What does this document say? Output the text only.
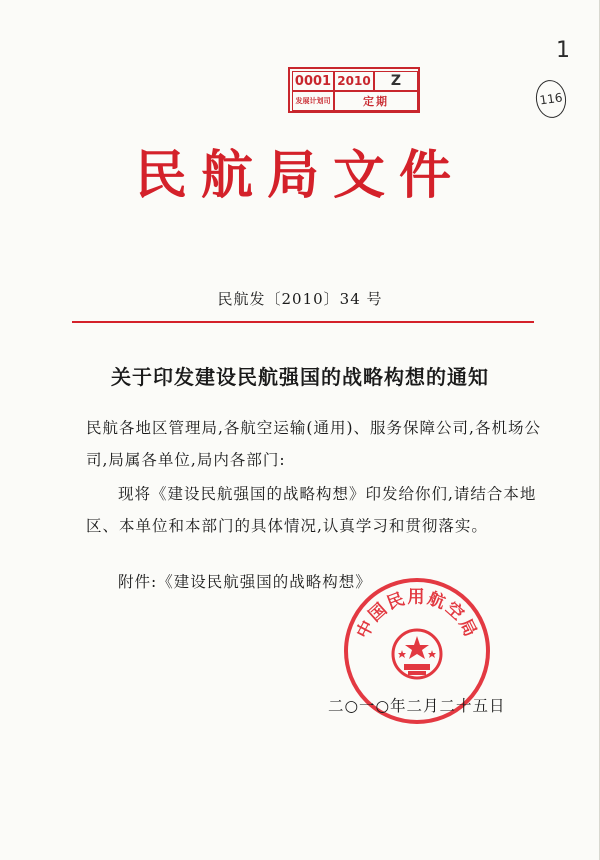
0001 2010	Z
发展计划司	定期
1
116
民航局文件
民航发〔2010〕34 号
关于印发建设民航强国的战略构想的通知

民航各地区管理局,各航空运输(通用)、服务保障公司,各机场公

司,局属各单位,局内各部门:

现将《建设民航强国的战略构想》印发给你们,请结合本地

区、本单位和本部门的具体情况,认真学习和贯彻落实。

附件:《建设民航强国的战略构想》

中国民用航空局
二○一○年二月二十五日
